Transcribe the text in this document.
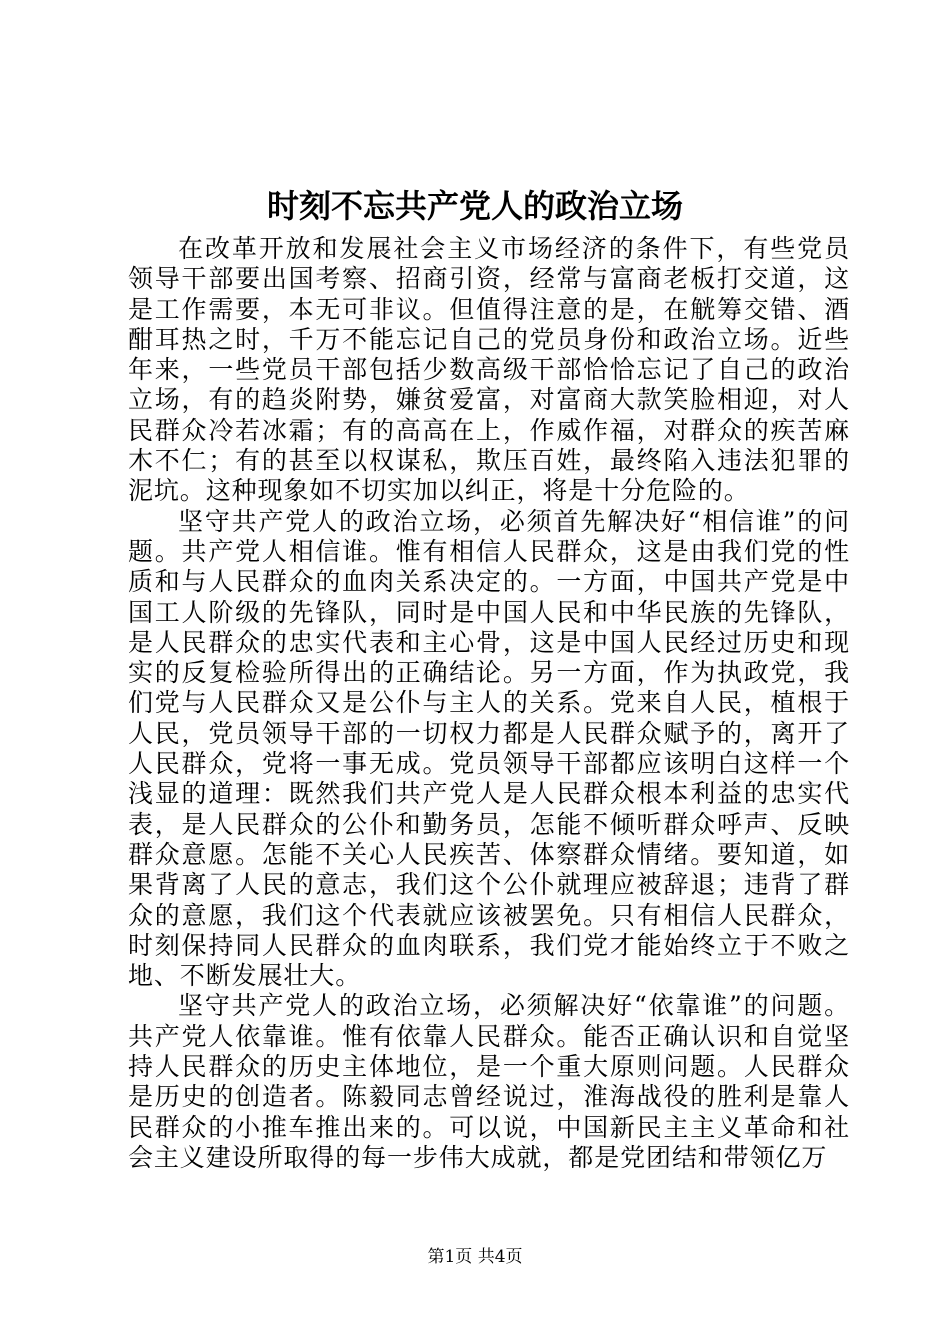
时刻不忘共产党人的政治立场

在改革开放和发展社会主义市场经济的条件下，有些党员领导干部要出国考察、招商引资，经常与富商老板打交道，这是工作需要，本无可非议。但值得注意的是，在觥筹交错、酒酣耳热之时，千万不能忘记自己的党员身份和政治立场。近些年来，一些党员干部包括少数高级干部恰恰忘记了自己的政治立场，有的趋炎附势，嫌贫爱富，对富商大款笑脸相迎，对人民群众冷若冰霜；有的高高在上，作威作福，对群众的疾苦麻木不仁；有的甚至以权谋私，欺压百姓，最终陷入违法犯罪的泥坑。这种现象如不切实加以纠正，将是十分危险的。

坚守共产党人的政治立场，必须首先解决好“相信谁”的问题。共产党人相信谁。惟有相信人民群众，这是由我们党的性质和与人民群众的血肉关系决定的。一方面，中国共产党是中国工人阶级的先锋队，同时是中国人民和中华民族的先锋队，是人民群众的忠实代表和主心骨，这是中国人民经过历史和现实的反复检验所得出的正确结论。另一方面，作为执政党，我们党与人民群众又是公仆与主人的关系。党来自人民，植根于人民，党员领导干部的一切权力都是人民群众赋予的，离开了人民群众，党将一事无成。党员领导干部都应该明白这样一个浅显的道理：既然我们共产党人是人民群众根本利益的忠实代表，是人民群众的公仆和勤务员，怎能不倾听群众呼声、反映群众意愿。怎能不关心人民疾苦、体察群众情绪。要知道，如果背离了人民的意志，我们这个公仆就理应被辞退；违背了群众的意愿，我们这个代表就应该被罢免。只有相信人民群众，时刻保持同人民群众的血肉联系，我们党才能始终立于不败之地、不断发展壮大。

坚守共产党人的政治立场，必须解决好“依靠谁”的问题。共产党人依靠谁。惟有依靠人民群众。能否正确认识和自觉坚持人民群众的历史主体地位，是一个重大原则问题。人民群众是历史的创造者。陈毅同志曾经说过，淮海战役的胜利是靠人民群众的小推车推出来的。可以说，中国新民主主义革命和社会主义建设所取得的每一步伟大成就，都是党团结和带领亿万

第1页 共4页
